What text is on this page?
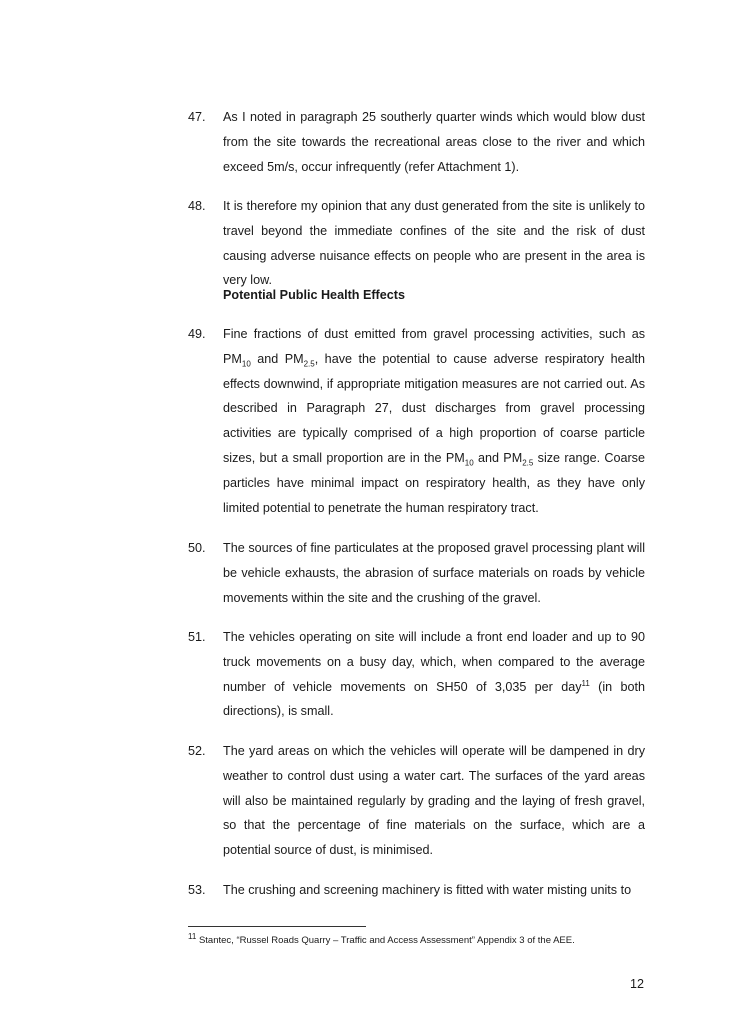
47. As I noted in paragraph 25 southerly quarter winds which would blow dust from the site towards the recreational areas close to the river and which exceed 5m/s, occur infrequently (refer Attachment 1).
48. It is therefore my opinion that any dust generated from the site is unlikely to travel beyond the immediate confines of the site and the risk of dust causing adverse nuisance effects on people who are present in the area is very low.
Potential Public Health Effects
49. Fine fractions of dust emitted from gravel processing activities, such as $PM_{10}$ and $PM_{2.5}$, have the potential to cause adverse respiratory health effects downwind, if appropriate mitigation measures are not carried out. As described in Paragraph 27, dust discharges from gravel processing activities are typically comprised of a high proportion of coarse particle sizes, but a small proportion are in the $PM_{10}$ and $PM_{2.5}$ size range. Coarse particles have minimal impact on respiratory health, as they have only limited potential to penetrate the human respiratory tract.
50. The sources of fine particulates at the proposed gravel processing plant will be vehicle exhausts, the abrasion of surface materials on roads by vehicle movements within the site and the crushing of the gravel.
51. The vehicles operating on site will include a front end loader and up to 90 truck movements on a busy day, which, when compared to the average number of vehicle movements on SH50 of 3,035 per day$^{11}$ (in both directions), is small.
52. The yard areas on which the vehicles will operate will be dampened in dry weather to control dust using a water cart. The surfaces of the yard areas will also be maintained regularly by grading and the laying of fresh gravel, so that the percentage of fine materials on the surface, which are a potential source of dust, is minimised.
53. The crushing and screening machinery is fitted with water misting units to
$^{11}$ Stantec, “Russel Roads Quarry – Traffic and Access Assessment” Appendix 3 of the AEE.
12
